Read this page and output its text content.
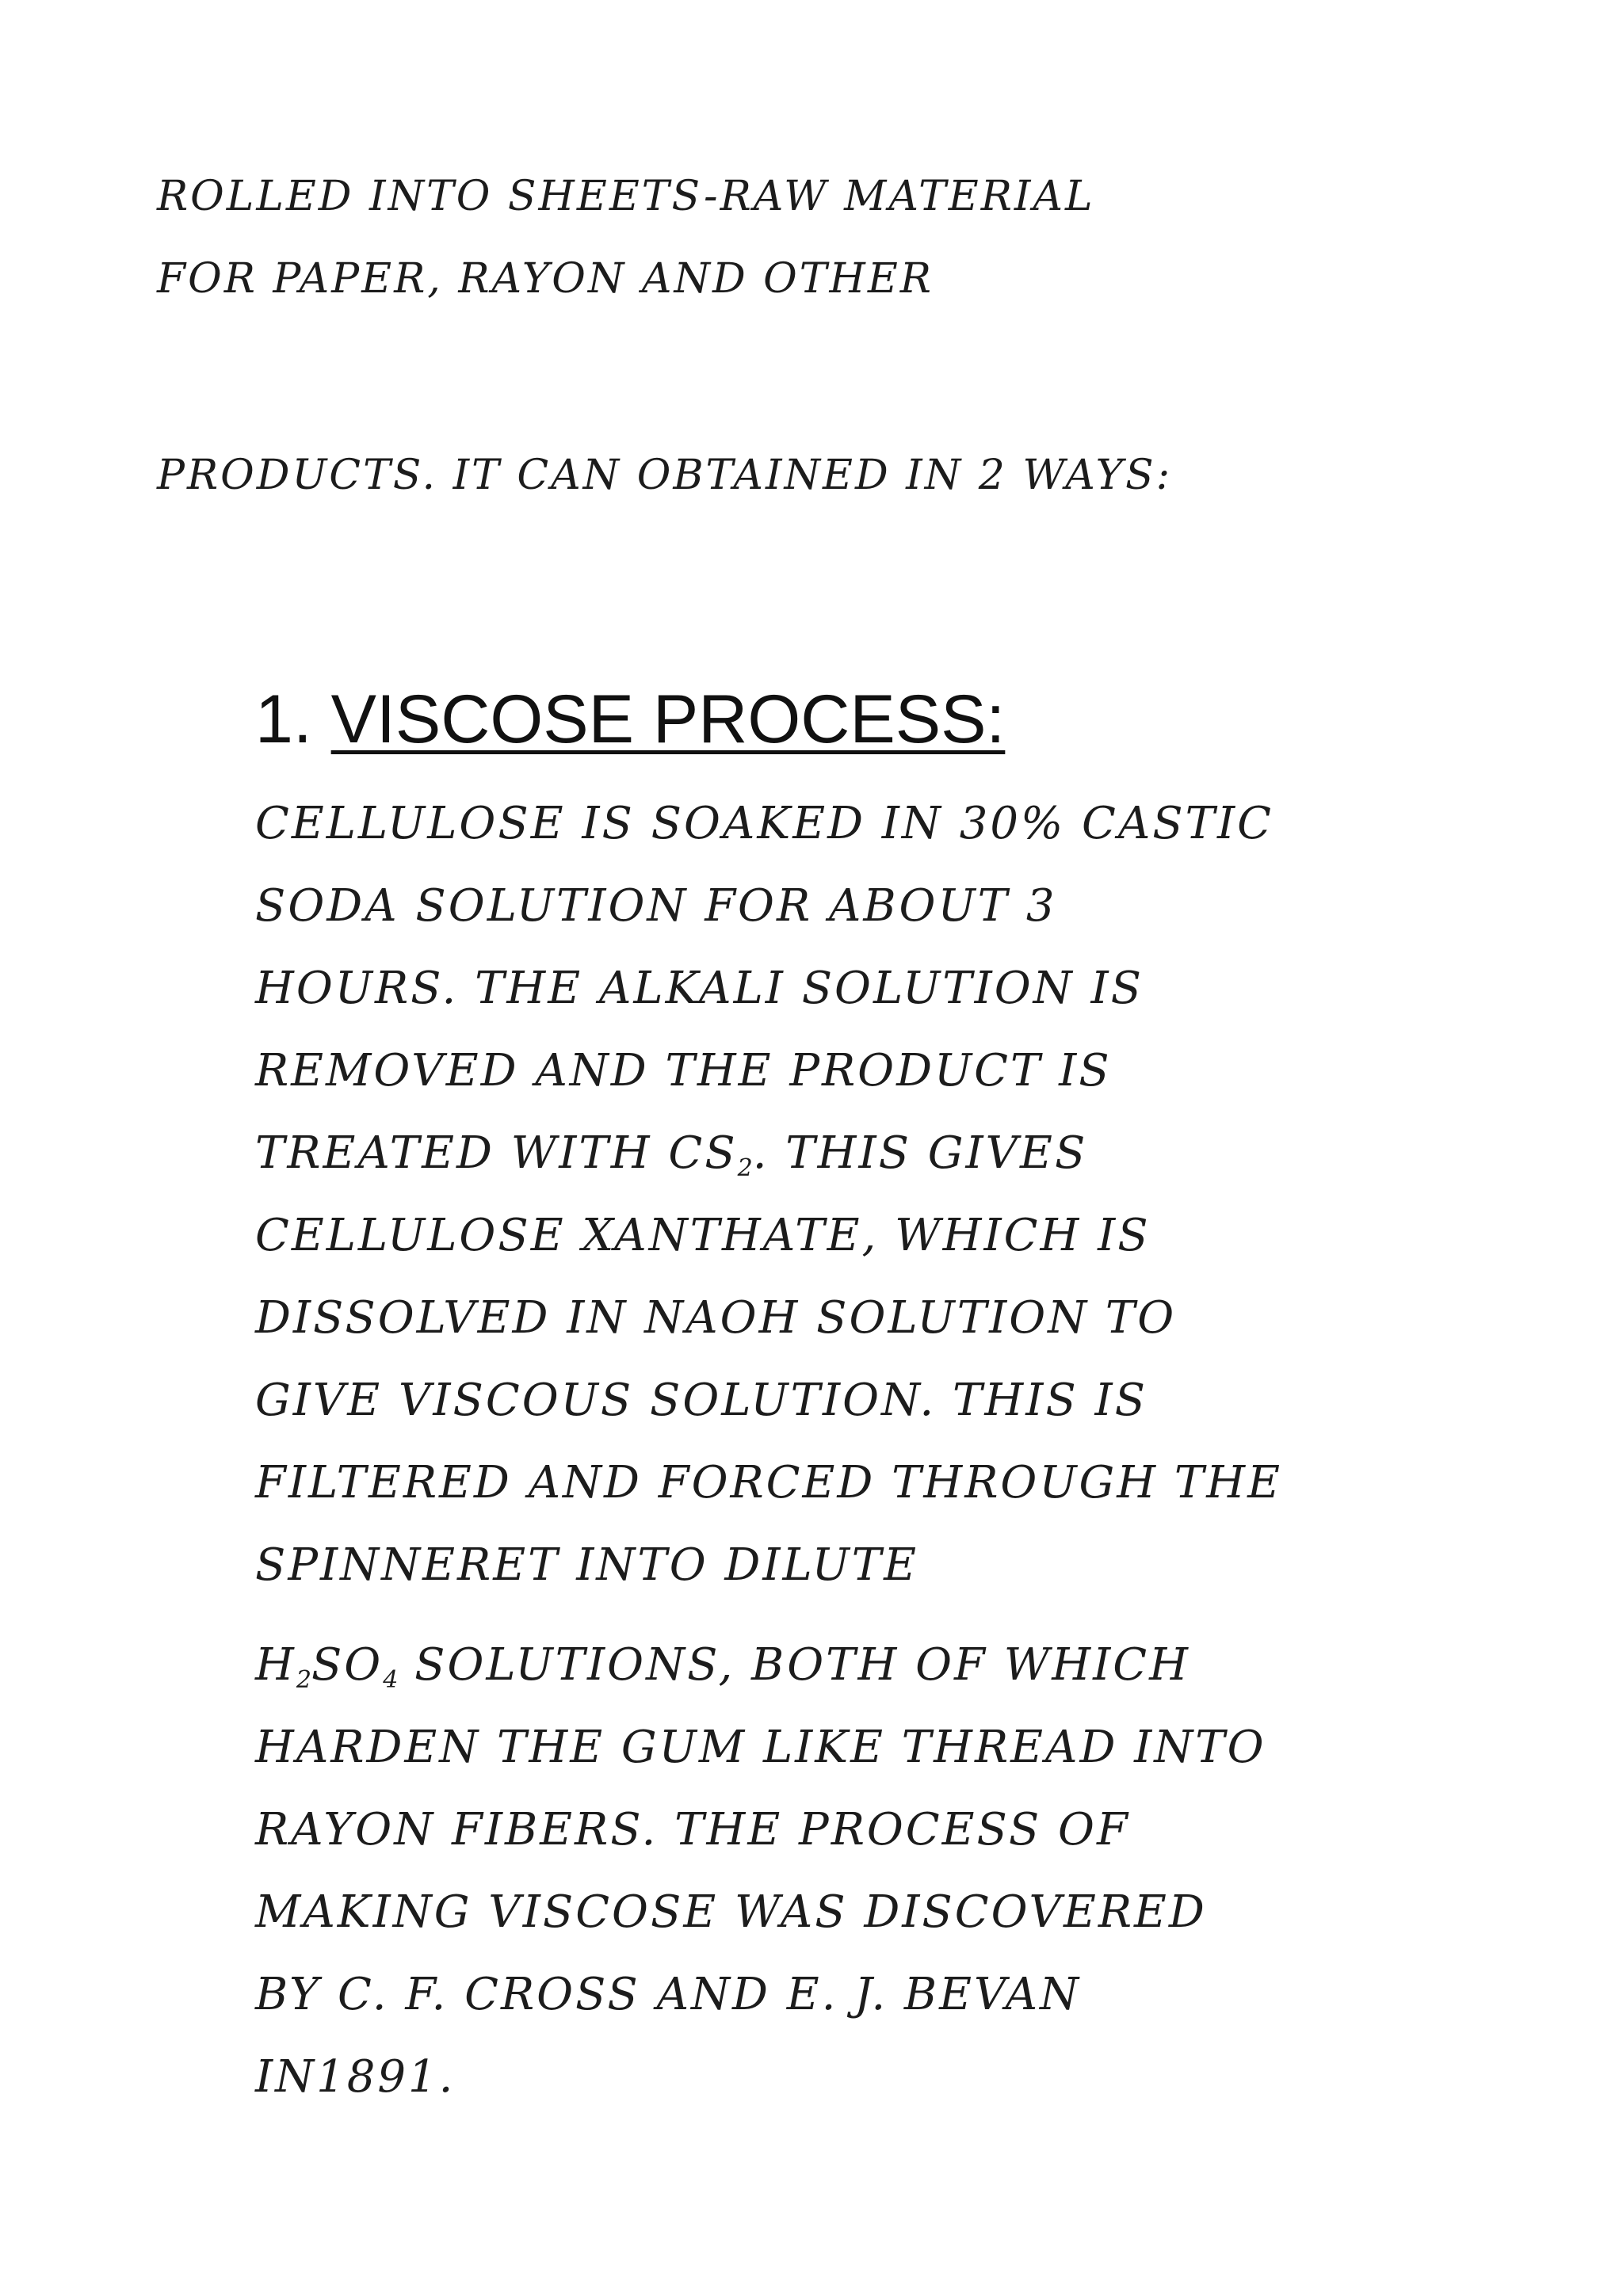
ROLLED INTO SHEETS-RAW MATERIAL
FOR PAPER, RAYON AND OTHER
PRODUCTS. IT CAN OBTAINED IN 2 WAYS:
1. VISCOSE PROCESS:
CELLULOSE IS SOAKED IN 30% CASTIC
SODA SOLUTION FOR ABOUT 3
HOURS. THE ALKALI SOLUTION IS
REMOVED AND THE PRODUCT IS
TREATED WITH $CS_2$. THIS GIVES
CELLULOSE XANTHATE, WHICH IS
DISSOLVED IN NAOH SOLUTION TO
GIVE VISCOUS SOLUTION. THIS IS
FILTERED AND FORCED THROUGH THE
SPINNERET INTO DILUTE
$H_2SO_4$ SOLUTIONS, BOTH OF WHICH
HARDEN THE GUM LIKE THREAD INTO
RAYON FIBERS. THE PROCESS OF
MAKING VISCOSE WAS DISCOVERED
BY C. F. CROSS AND E. J. BEVAN
IN1891.
